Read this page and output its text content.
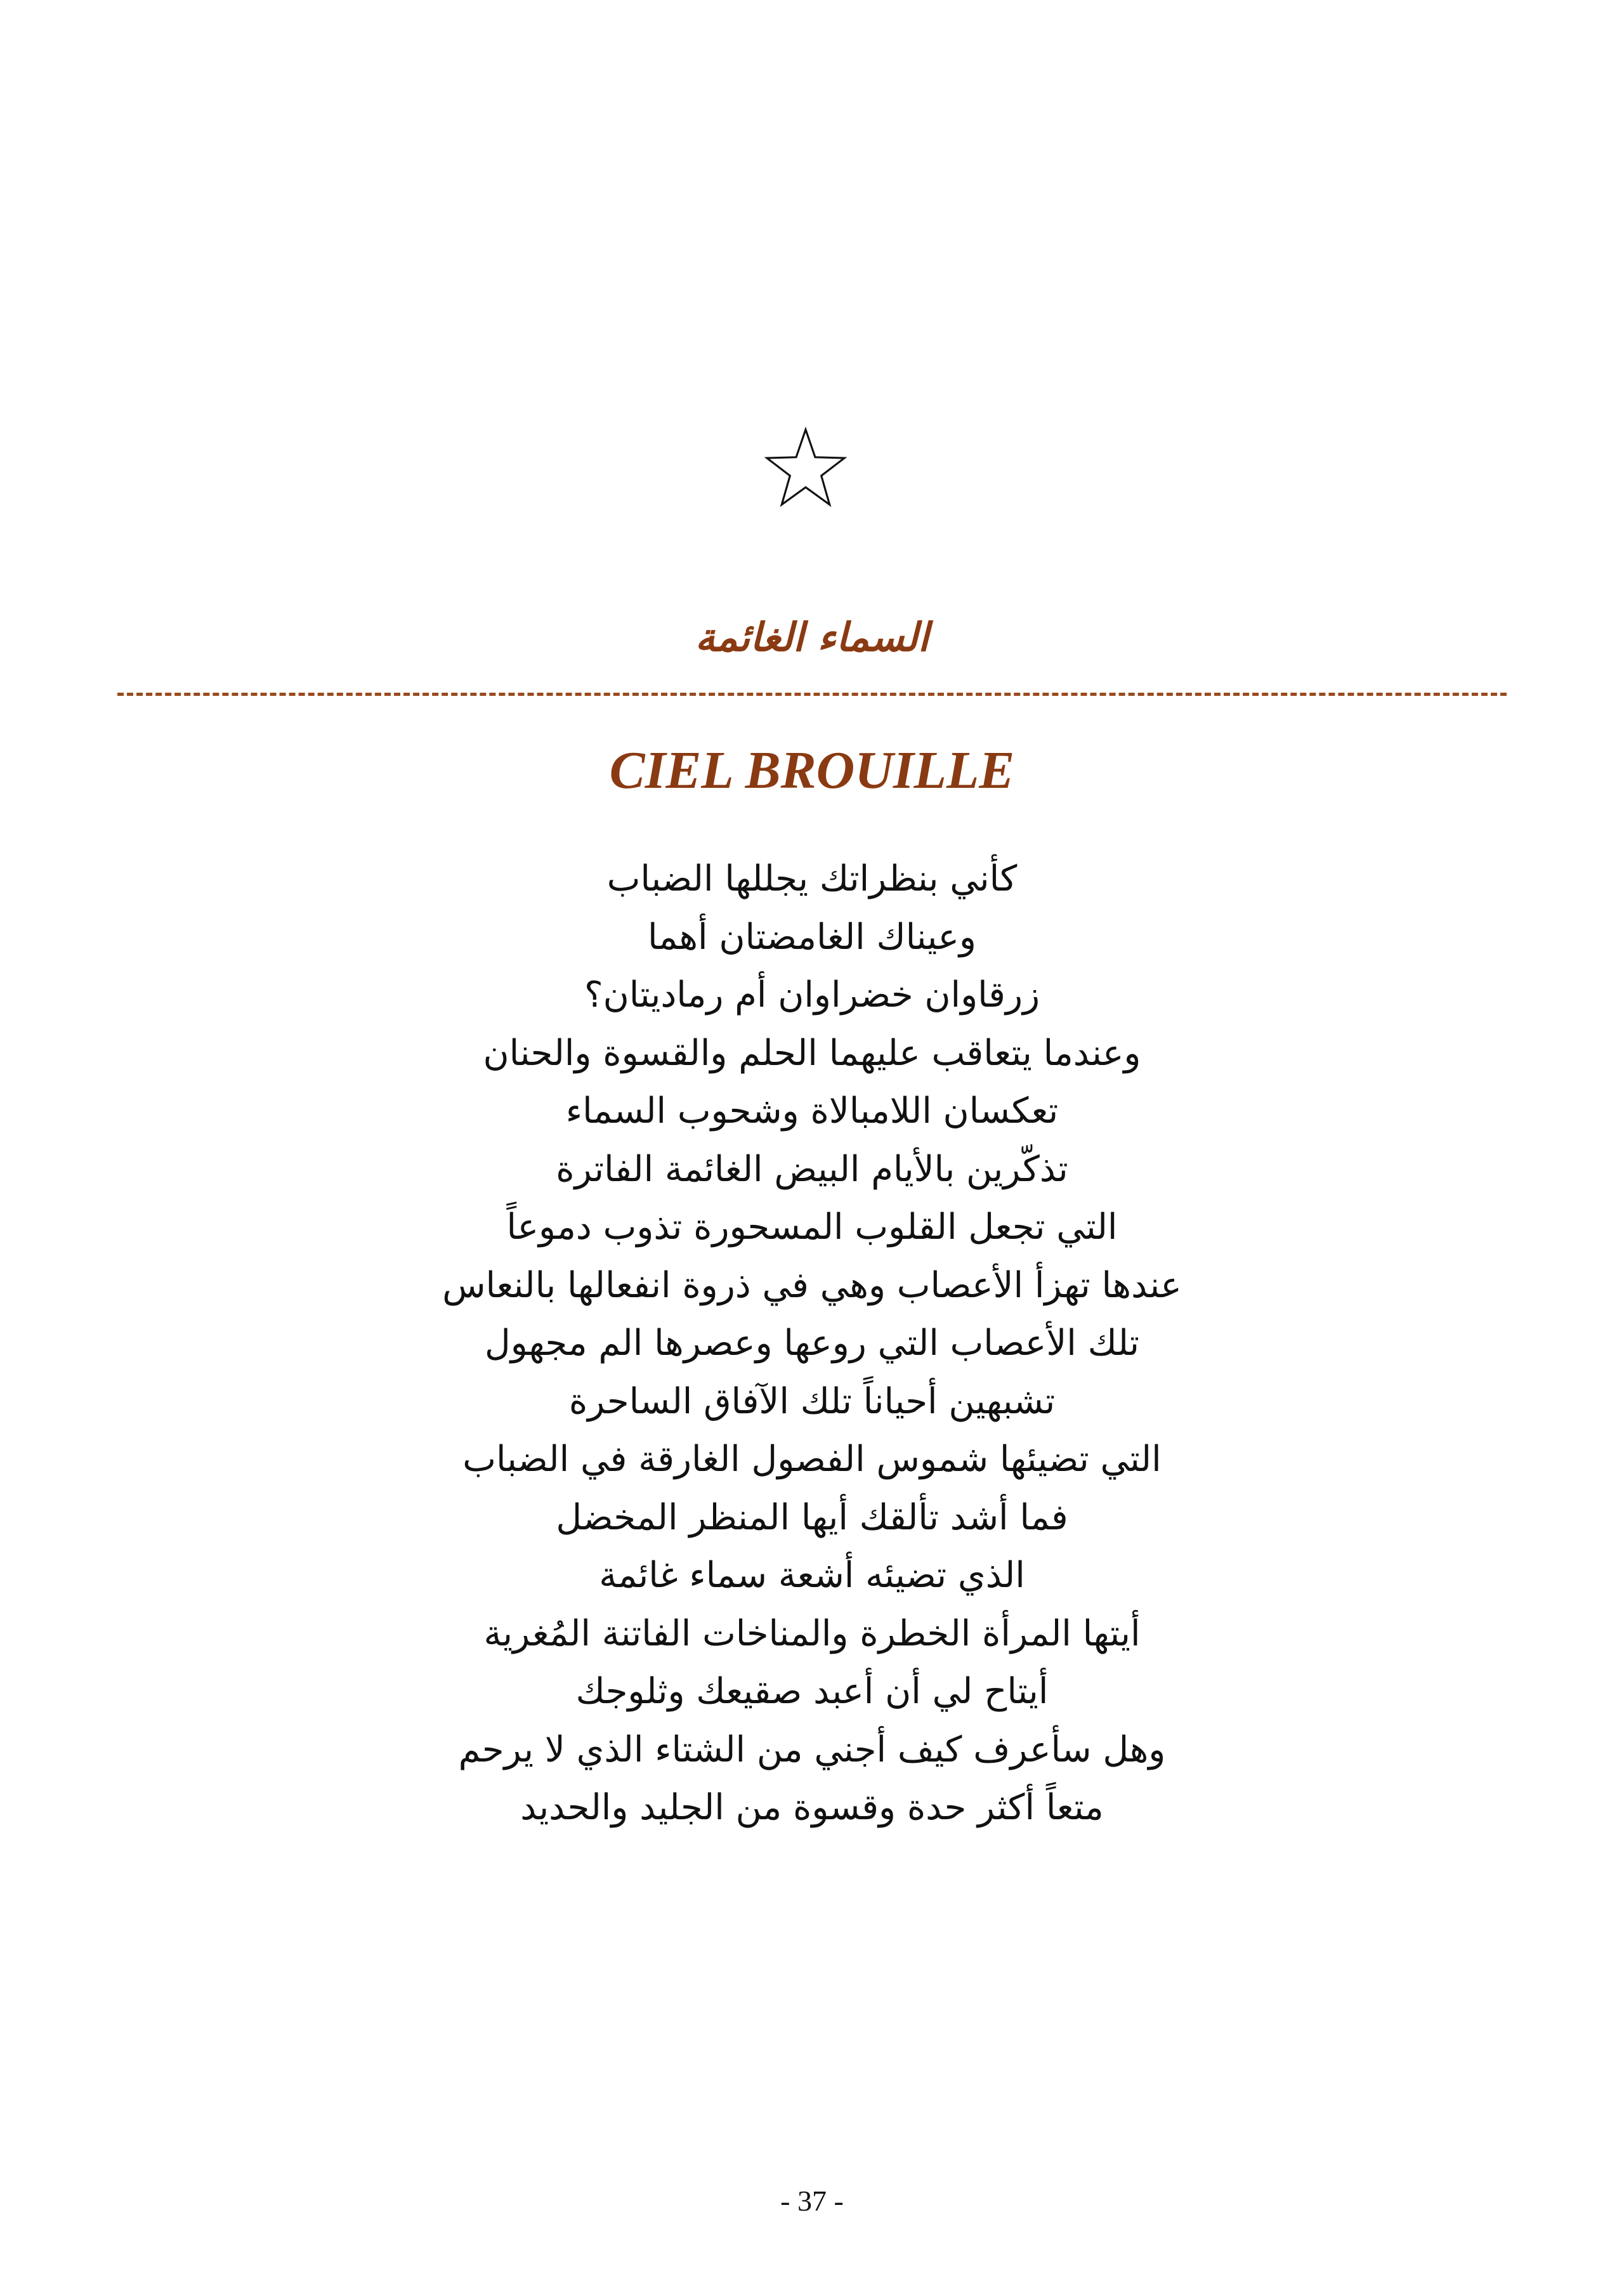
السماء الغائمة
CIEL BROUILLE
كأني بنظراتك يجللها الضباب
وعيناك الغامضتان أهما
زرقاوان خضراوان أم رماديتان؟
وعندما يتعاقب عليهما الحلم والقسوة والحنان
تعكسان اللامبالاة وشحوب السماء
تذكّرين بالأيام البيض الغائمة الفاترة
التي تجعل القلوب المسحورة تذوب دموعاً
عندها تهزأ الأعصاب وهي في ذروة انفعالها بالنعاس
تلك الأعصاب التي روعها وعصرها الم مجهول
تشبهين أحياناً تلك الآفاق الساحرة
التي تضيئها شموس الفصول الغارقة في الضباب
فما أشد تألقك أيها المنظر المخضل
الذي تضيئه أشعة سماء غائمة
أيتها المرأة الخطرة والمناخات الفاتنة المُغرية
أيتاح لي أن أعبد صقيعك وثلوجك
وهل سأعرف كيف أجني من الشتاء الذي لا يرحم
متعاً أكثر حدة وقسوة من الجليد والحديد
- 37 -
